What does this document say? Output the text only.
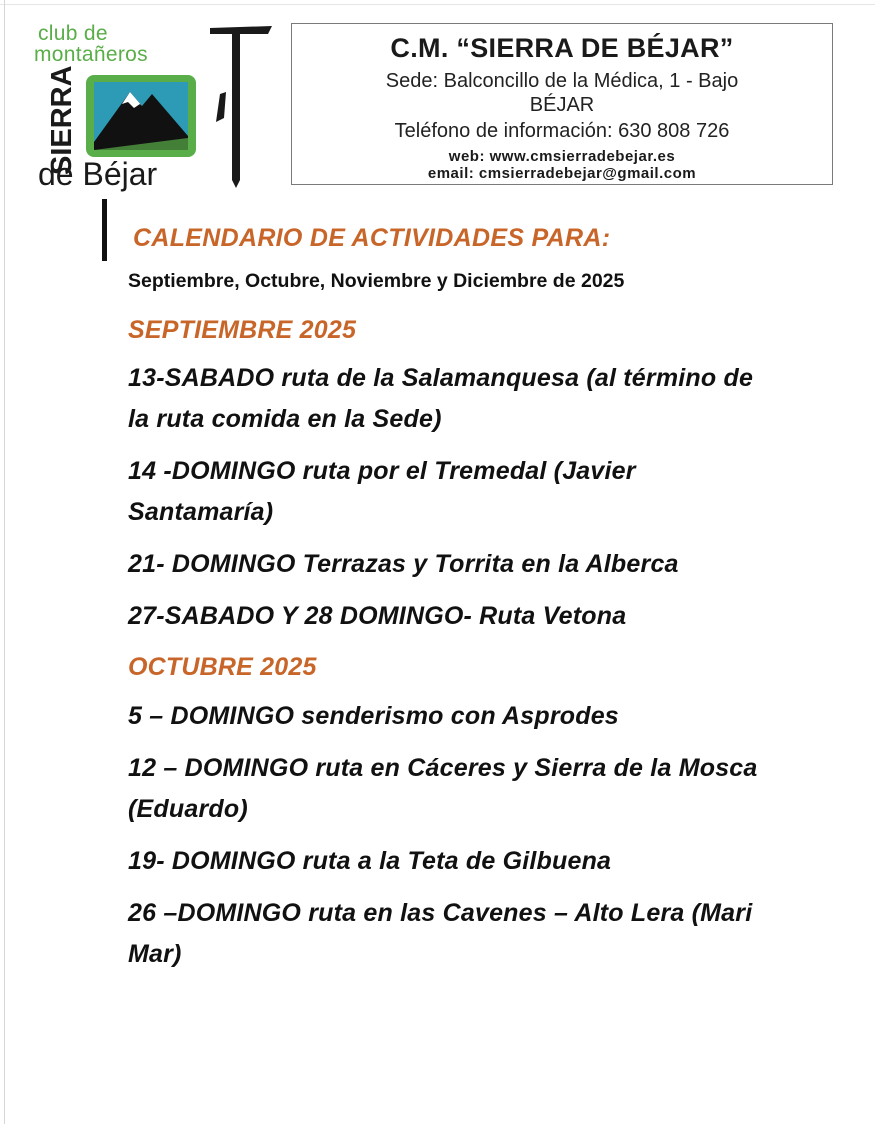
club de
montañeros
SIERRA
de Béjar
C.M. “SIERRA DE BÉJAR”
Sede: Balconcillo de la Médica, 1 - Bajo
BÉJAR
Teléfono de información: 630 808 726
web: www.cmsierradebejar.es
email: cmsierradebejar@gmail.com
CALENDARIO DE ACTIVIDADES PARA:
Septiembre, Octubre, Noviembre y Diciembre de 2025
SEPTIEMBRE 2025
13-SABADO ruta de la Salamanquesa (al término de la ruta comida en la Sede)
14 -DOMINGO ruta por el Tremedal (Javier Santamaría)
21- DOMINGO Terrazas y Torrita en la Alberca
27-SABADO Y 28 DOMINGO- Ruta Vetona
OCTUBRE 2025
5 – DOMINGO senderismo con Asprodes
12 – DOMINGO ruta en Cáceres y Sierra de la Mosca (Eduardo)
19- DOMINGO ruta a la Teta de Gilbuena
26 –DOMINGO ruta en las Cavenes – Alto Lera (Mari Mar)
